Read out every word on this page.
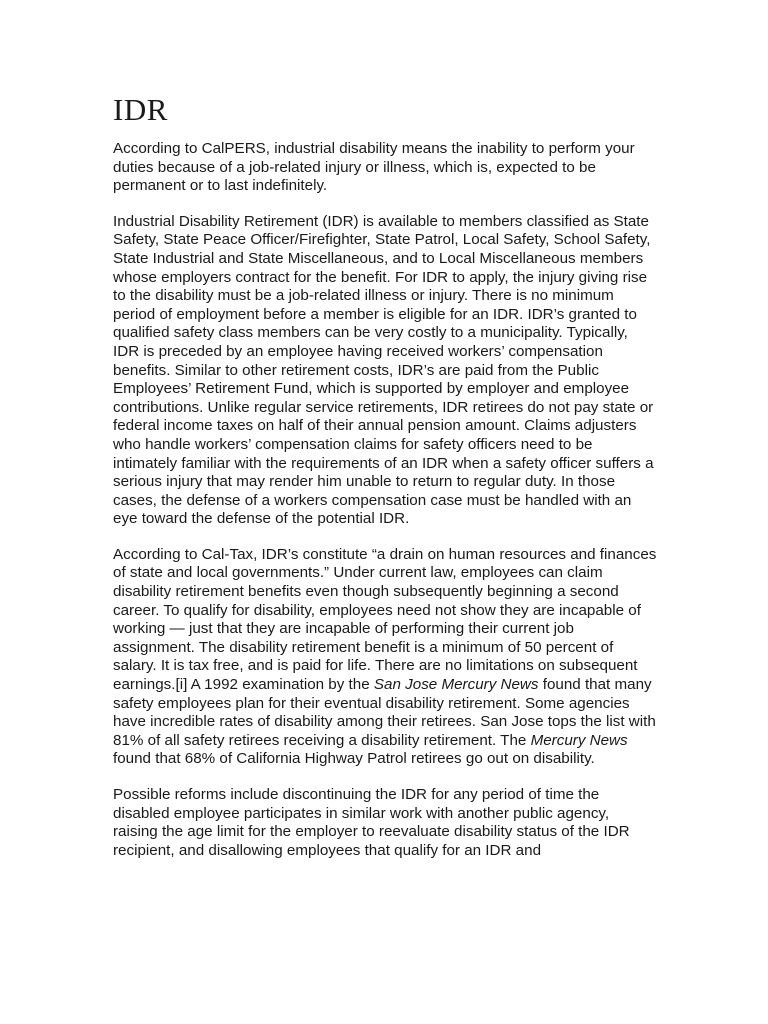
IDR

According to CalPERS, industrial disability means the inability to perform your duties because of a job-related injury or illness, which is, expected to be permanent or to last indefinitely.

Industrial Disability Retirement (IDR) is available to members classified as State Safety, State Peace Officer/Firefighter, State Patrol, Local Safety, School Safety, State Industrial and State Miscellaneous, and to Local Miscellaneous members whose employers contract for the benefit. For IDR to apply, the injury giving rise to the disability must be a job-related illness or injury. There is no minimum period of employment before a member is eligible for an IDR. IDR’s granted to qualified safety class members can be very costly to a municipality. Typically, IDR is preceded by an employee having received workers’ compensation benefits. Similar to other retirement costs, IDR’s are paid from the Public Employees’ Retirement Fund, which is supported by employer and employee contributions. Unlike regular service retirements, IDR retirees do not pay state or federal income taxes on half of their annual pension amount. Claims adjusters who handle workers’ compensation claims for safety officers need to be intimately familiar with the requirements of an IDR when a safety officer suffers a serious injury that may render him unable to return to regular duty. In those cases, the defense of a workers compensation case must be handled with an eye toward the defense of the potential IDR.

According to Cal-Tax, IDR’s constitute “a drain on human resources and finances of state and local governments.” Under current law, employees can claim disability retirement benefits even though subsequently beginning a second career. To qualify for disability, employees need not show they are incapable of working — just that they are incapable of performing their current job assignment. The disability retirement benefit is a minimum of 50 percent of salary. It is tax free, and is paid for life. There are no limitations on subsequent earnings.[i] A 1992 examination by the San Jose Mercury News found that many safety employees plan for their eventual disability retirement. Some agencies have incredible rates of disability among their retirees. San Jose tops the list with 81% of all safety retirees receiving a disability retirement. The Mercury News found that 68% of California Highway Patrol retirees go out on disability.

Possible reforms include discontinuing the IDR for any period of time the disabled employee participates in similar work with another public agency, raising the age limit for the employer to reevaluate disability status of the IDR recipient, and disallowing employees that qualify for an IDR and
